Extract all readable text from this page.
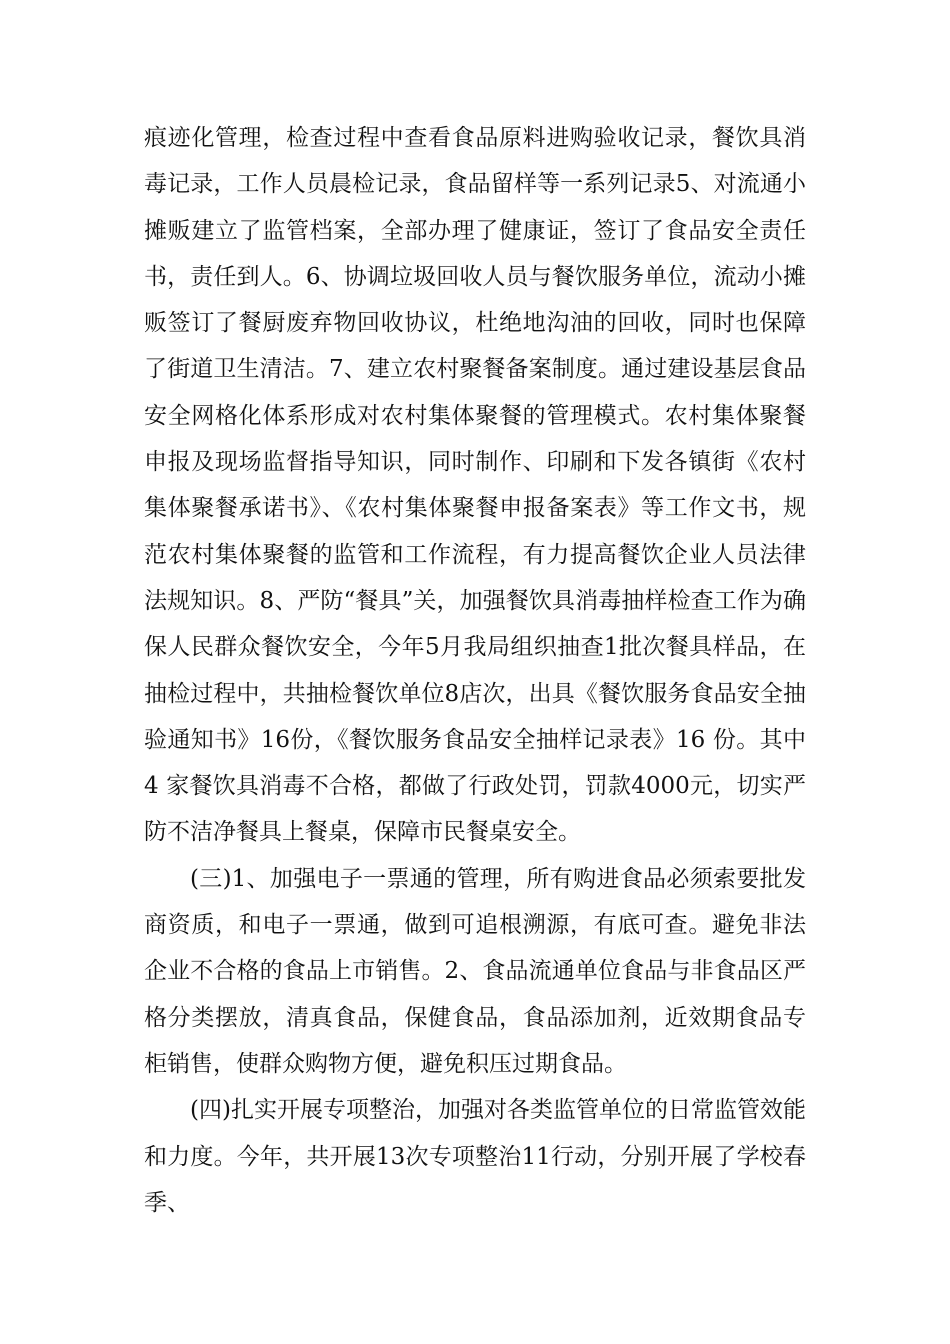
痕迹化管理，检查过程中查看食品原料进购验收记录，餐饮具消毒记录，工作人员晨检记录，食品留样等一系列记录5、对流通小摊贩建立了监管档案，全部办理了健康证，签订了食品安全责任书，责任到人。6、协调垃圾回收人员与餐饮服务单位，流动小摊贩签订了餐厨废弃物回收协议，杜绝地沟油的回收，同时也保障了街道卫生清洁。7、建立农村聚餐备案制度。通过建设基层食品安全网格化体系形成对农村集体聚餐的管理模式。农村集体聚餐申报及现场监督指导知识，同时制作、印刷和下发各镇街《农村集体聚餐承诺书》、《农村集体聚餐申报备案表》等工作文书，规范农村集体聚餐的监管和工作流程，有力提高餐饮企业人员法律法规知识。8、严防“餐具”关，加强餐饮具消毒抽样检查工作为确保人民群众餐饮安全，今年5月我局组织抽查1批次餐具样品，在抽检过程中，共抽检餐饮单位8店次，出具《餐饮服务食品安全抽验通知书》16份，《餐饮服务食品安全抽样记录表》16 份。其中 4 家餐饮具消毒不合格，都做了行政处罚，罚款4000元，切实严防不洁净餐具上餐桌，保障市民餐桌安全。

(三)1、加强电子一票通的管理，所有购进食品必须索要批发商资质，和电子一票通，做到可追根溯源，有底可查。避免非法企业不合格的食品上市销售。2、食品流通单位食品与非食品区严格分类摆放，清真食品，保健食品，食品添加剂，近效期食品专柜销售，使群众购物方便，避免积压过期食品。

(四)扎实开展专项整治，加强对各类监管单位的日常监管效能和力度。今年，共开展13次专项整治11行动，分别开展了学校春季、
